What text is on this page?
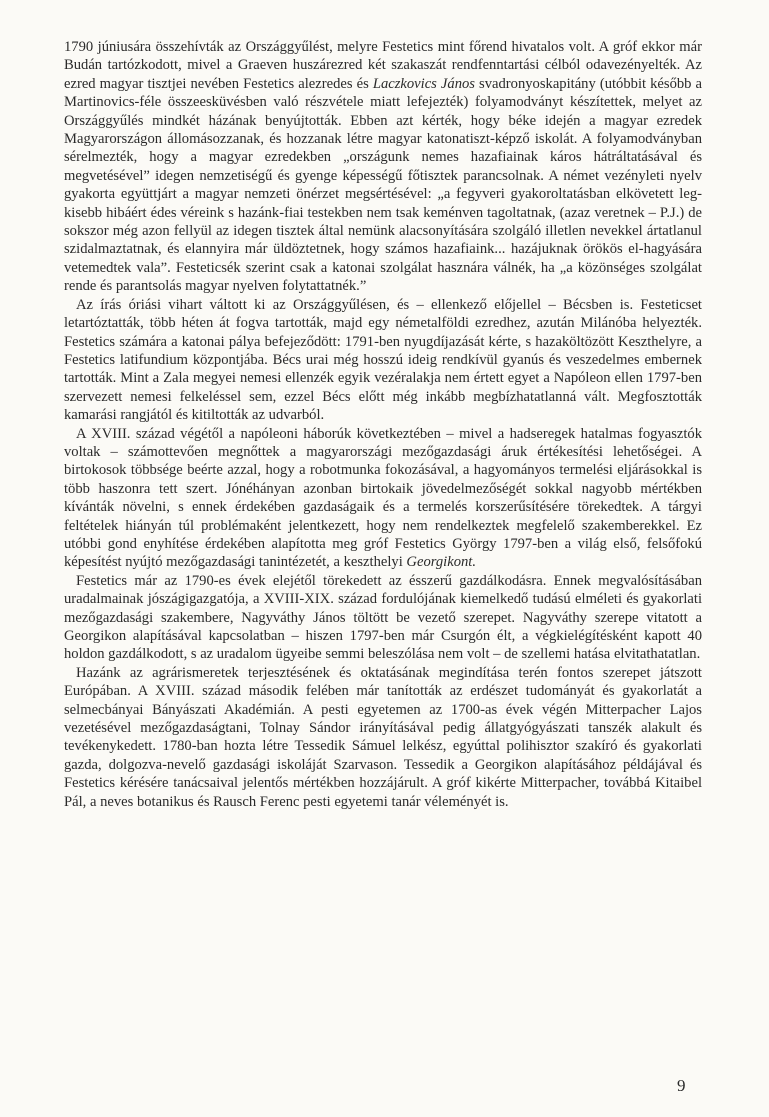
1790 júniusára összehívták az Országgyűlést, melyre Festetics mint főrend hivatalos volt. A gróf ekkor már Budán tartózkodott, mivel a Graeven huszárezred két szakaszát rendfenntartási célból odavezényelték. Az ezred magyar tisztjei nevében Festetics alezredes és Laczkovics János svadronyoskapitány (utóbbit később a Martinovics-féle összeesküvésben való részvétele miatt lefejezték) folyamodványt készítettek, melyet az Országgyűlés mindkét házának benyújtották. Ebben azt kérték, hogy béke idején a magyar ezredek Magyarországon állomásozzanak, és hozzanak létre magyar katonatiszt-képző iskolát. A folyamodványban sérelmezték, hogy a magyar ezredekben „országunk nemes hazafiainak káros hátráltatásával és megvetésével” idegen nemzetiségű és gyenge képességű főtisztek parancsolnak. A német vezényleti nyelv gyakorta együttjárt a magyar nemzeti önérzet megsértésével: „a fegyveri gyakoroltatásban elkövetett leg-kisebb hibáért édes véreink s hazánk-fiai testekben nem tsak keménven tagoltatnak, (azaz veretnek – P.J.) de sokszor még azon fellyül az idegen tisztek által nemünk alacsonyítására szolgáló illetlen nevekkel ártatlanul szidalmaztatnak, és elannyira már üldöztetnek, hogy számos hazafiaink... hazájuknak örökös el-hagyására vetemedtek vala”. Festeticsék szerint csak a katonai szolgálat hasznára válnék, ha „a közönséges szolgálat rende és parantsolás magyar nyelven folytattatnék.”

Az írás óriási vihart váltott ki az Országgyűlésen, és – ellenkező előjellel – Bécsben is. Festeticset letartóztatták, több héten át fogva tartották, majd egy németalföldi ezredhez, azután Milánóba helyezték. Festetics számára a katonai pálya befejeződött: 1791-ben nyugdíjazását kérte, s hazaköltözött Keszthelyre, a Festetics latifundium központjába. Bécs urai még hosszú ideig rendkívül gyanús és veszedelmes embernek tartották. Mint a Zala megyei nemesi ellenzék egyik vezéralakja nem értett egyet a Napóleon ellen 1797-ben szervezett nemesi felkeléssel sem, ezzel Bécs előtt még inkább megbízhatatlanná vált. Megfosztották kamarási rangjától és kitiltották az udvarból.

A XVIII. század végétől a napóleoni háborúk következtében – mivel a hadseregek hatalmas fogyasztók voltak – számottevően megnőttek a magyarországi mezőgazdasági áruk értékesítési lehetőségei. A birtokosok többsége beérte azzal, hogy a robotmunka fokozásával, a hagyományos termelési eljárásokkal is több haszonra tett szert. Jónéhányan azonban birtokaik jövedelmezőségét sokkal nagyobb mértékben kívánták növelni, s ennek érdekében gazdaságaik és a termelés korszerűsítésére törekedtek. A tárgyi feltételek hiányán túl problémaként jelentkezett, hogy nem rendelkeztek megfelelő szakemberekkel. Ez utóbbi gond enyhítése érdekében alapította meg gróf Festetics György 1797-ben a világ első, felsőfokú képesítést nyújtó mezőgazdasági tanintézetét, a keszthelyi Georgikont.

Festetics már az 1790-es évek elejétől törekedett az ésszerű gazdálkodásra. Ennek megvalósításában uradalmainak jószágigazgatója, a XVIII-XIX. század fordulójának kiemelkedő tudású elméleti és gyakorlati mezőgazdasági szakembere, Nagyváthy János töltött be vezető szerepet. Nagyváthy szerepe vitatott a Georgikon alapításával kapcsolatban – hiszen 1797-ben már Csurgón élt, a végkielégítésként kapott 40 holdon gazdálkodott, s az uradalom ügyeibe semmi beleszólása nem volt – de szellemi hatása elvitathatatlan.

Hazánk az agrárismeretek terjesztésének és oktatásának megindítása terén fontos szerepet játszott Európában. A XVIII. század második felében már tanították az erdészet tudományát és gyakorlatát a selmecbányai Bányászati Akadémián. A pesti egyetemen az 1700-as évek végén Mitterpacher Lajos vezetésével mezőgazdaságtani, Tolnay Sándor irányításával pedig állatgyógyászati tanszék alakult és tevékenykedett. 1780-ban hozta létre Tessedik Sámuel lelkész, egyúttal polihisztor szakíró és gyakorlati gazda, dolgozva-nevelő gazdasági iskoláját Szarvason. Tessedik a Georgikon alapításához példájával és Festetics kérésére tanácsaival jelentős mértékben hozzájárult. A gróf kikérte Mitterpacher, továbbá Kitaibel Pál, a neves botanikus és Rausch Ferenc pesti egyetemi tanár véleményét is.

9
